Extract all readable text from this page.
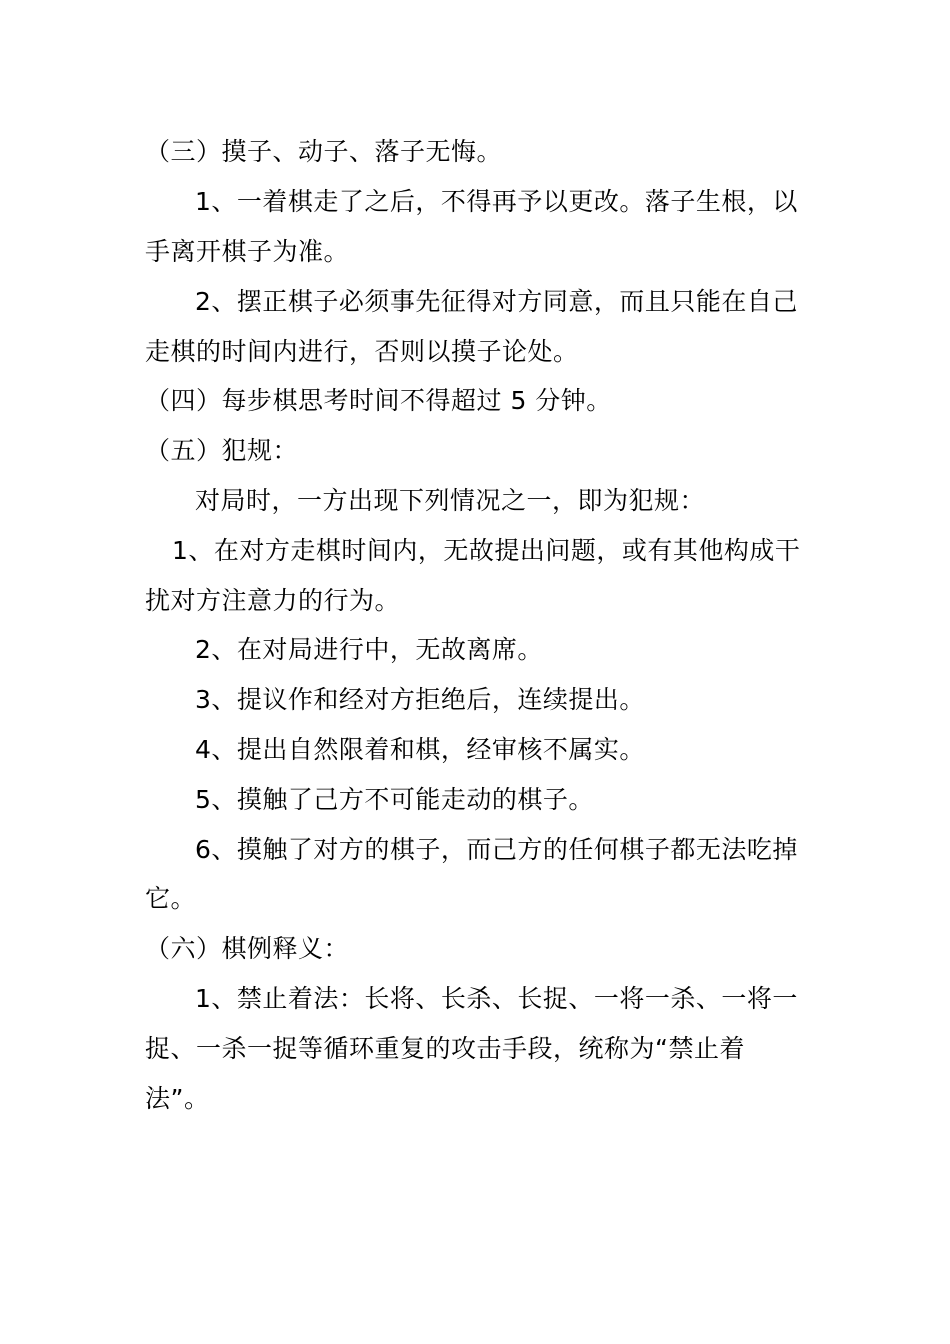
（三）摸子、动子、落子无悔。
1、一着棋走了之后，不得再予以更改。落子生根，以
手离开棋子为准。
2、摆正棋子必须事先征得对方同意，而且只能在自己
走棋的时间内进行，否则以摸子论处。
（四）每步棋思考时间不得超过 5 分钟。
（五）犯规：
对局时，一方出现下列情况之一，即为犯规：
1、在对方走棋时间内，无故提出问题，或有其他构成干
扰对方注意力的行为。
2、在对局进行中，无故离席。
3、提议作和经对方拒绝后，连续提出。
4、提出自然限着和棋，经审核不属实。
5、摸触了己方不可能走动的棋子。
6、摸触了对方的棋子，而己方的任何棋子都无法吃掉
它。
（六）棋例释义：
1、禁止着法：长将、长杀、长捉、一将一杀、一将一
捉、一杀一捉等循环重复的攻击手段，统称为“禁止着
法”。
